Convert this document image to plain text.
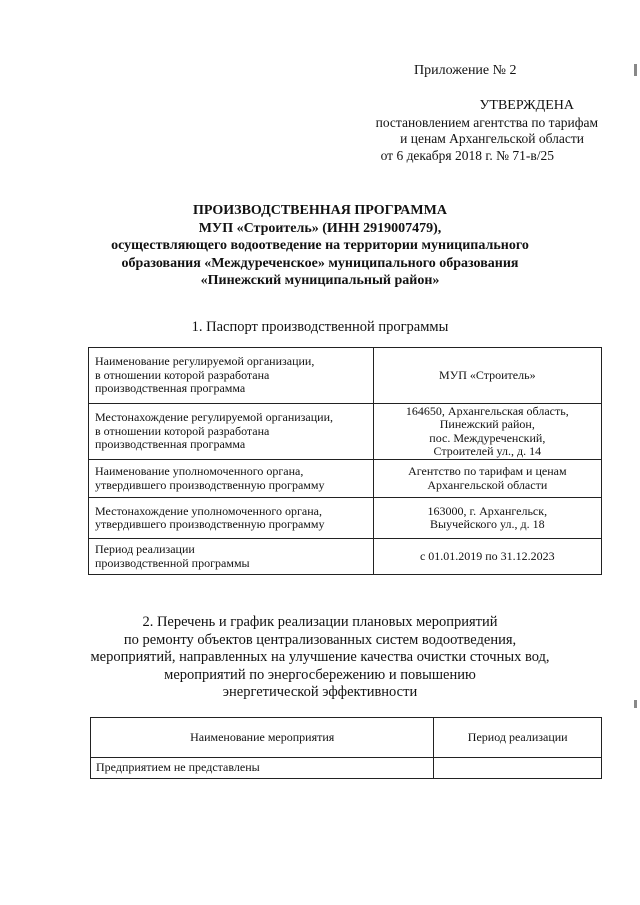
Приложение № 2
УТВЕРЖДЕНА
постановлением агентства по тарифам
и ценам Архангельской области
от 6 декабря 2018 г. № 71-в/25
ПРОИЗВОДСТВЕННАЯ ПРОГРАММА
МУП «Строитель» (ИНН 2919007479),
осуществляющего водоотведение на территории муниципального
образования «Междуреченское» муниципального образования
«Пинежский муниципальный район»
1. Паспорт производственной программы
Наименование регулируемой организации,
в отношении которой разработана
производственная программа	МУП «Строитель»
Местонахождение регулируемой организации,
в отношении которой разработана
производственная программа	164650, Архангельская область,
Пинежский район,
пос. Междуреченский,
Строителей ул., д. 14
Наименование уполномоченного органа,
утвердившего производственную программу	Агентство по тарифам и ценам
Архангельской области
Местонахождение уполномоченного органа,
утвердившего производственную программу	163000, г. Архангельск,
Выучейского ул., д. 18
Период реализации
производственной программы	с 01.01.2019 по 31.12.2023
2. Перечень и график реализации плановых мероприятий
по ремонту объектов централизованных систем водоотведения,
мероприятий, направленных на улучшение качества очистки сточных вод,
мероприятий по энергосбережению и повышению
энергетической эффективности
Наименование мероприятия	Период реализации
Предприятием не представлены	
